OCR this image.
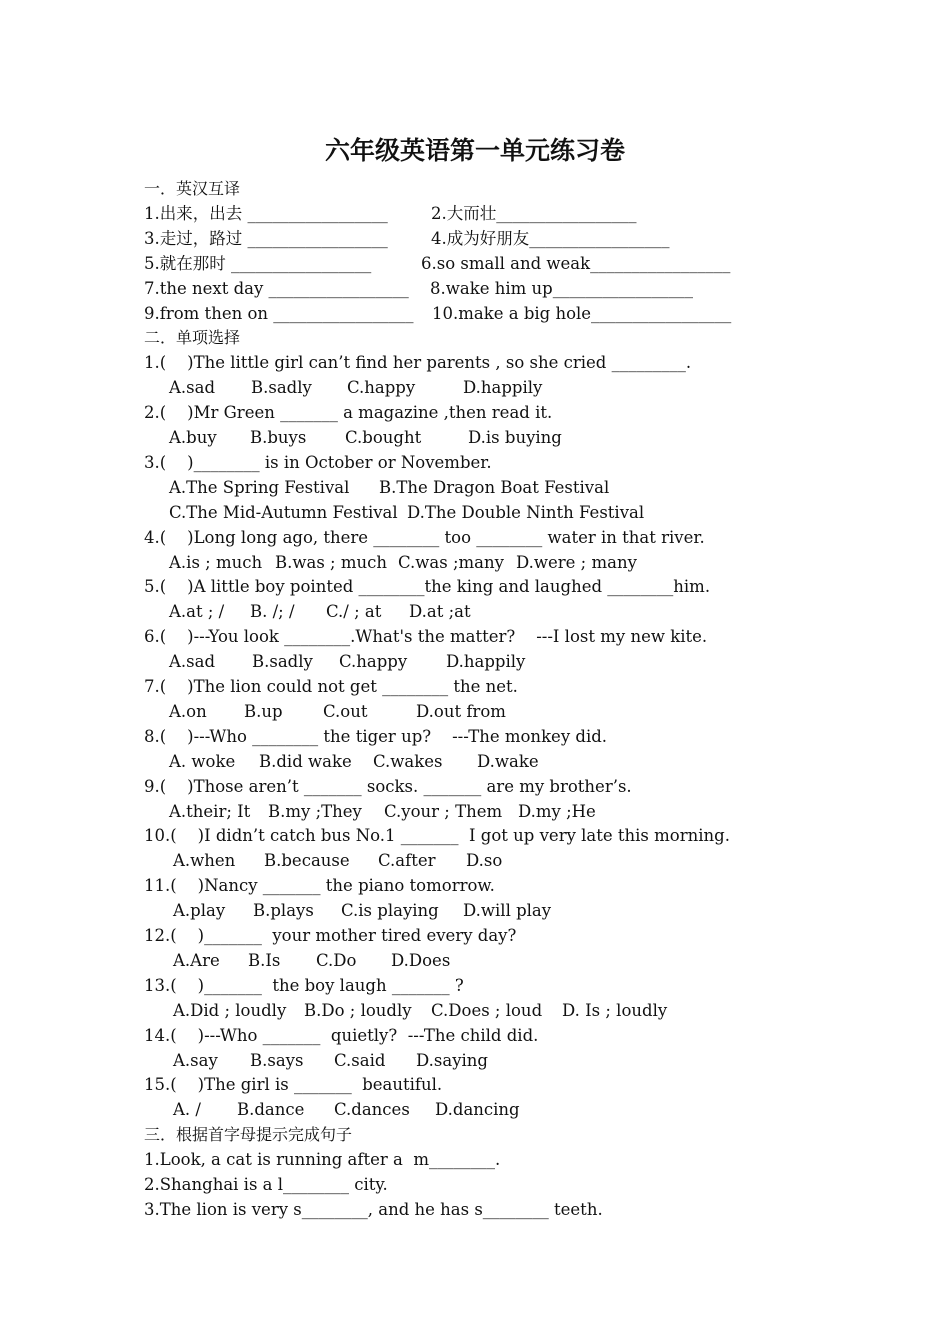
六年级英语第一单元练习卷
一．英汉互译
1.出来，出去 _________________	2.大而壮_________________
3.走过，路过 _________________	4.成为好朋友_________________
5.就在那时 _________________	6.so small and weak_________________
7.the next day _________________ 8.wake him up_________________
9.from then on _________________ 10.make a big hole_________________
二．单项选择
1.(    )The little girl can’t find her parents , so she cried _________.
A.sad B.sadly C.happy	D.happily
2.(    )Mr Green _______ a magazine ,then read it.
A.buy B.buys C.bought	D.is buying
3.(    )________ is in October or November.
A.The Spring Festival B.The Dragon Boat Festival
C.The Mid-Autumn Festival D.The Double Ninth Festival
4.(    )Long long ago, there ________ too ________ water in that river.
A.is ; much B.was ; much C.was ;many D.were ; many
5.(    )A little boy pointed ________the king and laughed ________him.
A.at ; / B. /; / C./ ; at D.at ;at
6.(    )---You look ________.What's the matter?    ---I lost my new kite.
A.sad B.sadly C.happy D.happily
7.(    )The lion could not get ________ the net.
A.on B.up C.out	D.out from
8.(    )---Who ________ the tiger up?    ---The monkey did.
A. woke B.did wake C.wakes D.wake
9.(    )Those aren’t _______ socks. _______ are my brother’s.
A.their; It B.my ;They C.your ; Them D.my ;He
10.(    )I didn’t catch bus No.1 _______  I got up very late this morning.
A.when B.because C.after D.so
11.(    )Nancy _______ the piano tomorrow.
A.play B.plays C.is playing D.will play
12.(    )_______  your mother tired every day?
A.Are B.Is C.Do D.Does
13.(    )_______  the boy laugh _______ ?
A.Did ; loudly B.Do ; loudly C.Does ; loud D. Is ; loudly
14.(    )---Who _______  quietly?  ---The child did.
A.say B.says C.said D.saying
15.(    )The girl is _______  beautiful.
A. / B.dance C.dances D.dancing
三．根据首字母提示完成句子
1.Look, a cat is running after a  m________.
2.Shanghai is a l________ city.
3.The lion is very s________, and he has s________ teeth.
